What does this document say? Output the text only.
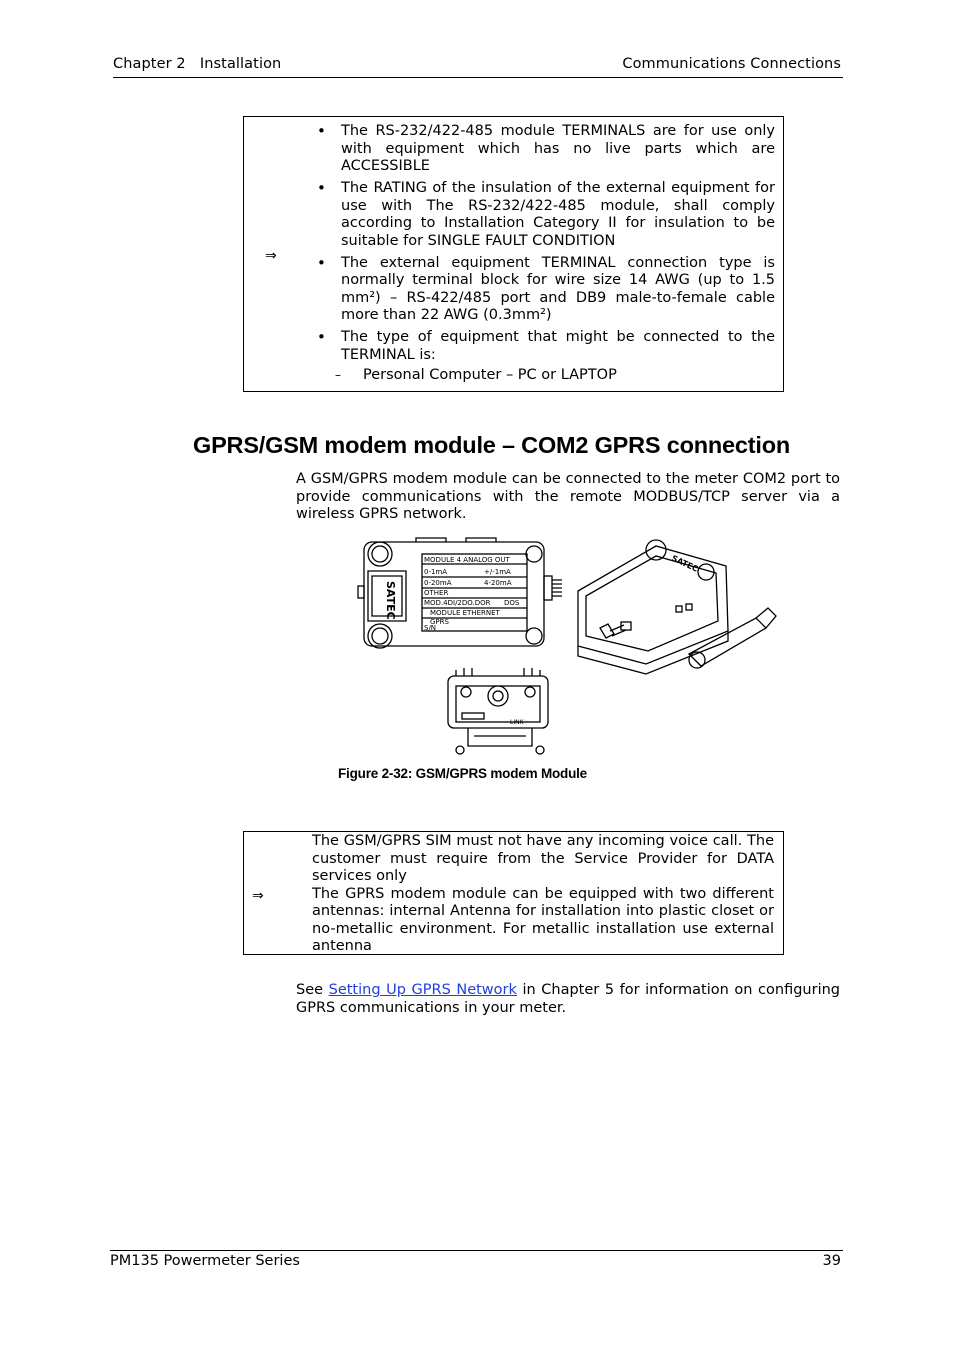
Chapter 2   Installation	Communications Connections
⇒
• The RS-232/422-485 module TERMINALS are for use only with equipment which has no live parts which are ACCESSIBLE
• The RATING of the insulation of the external equipment for use with The RS-232/422-485 module, shall comply according to Installation Category II for insulation to be suitable for SINGLE FAULT CONDITION
• The external equipment TERMINAL connection type is normally terminal block for wire size 14 AWG (up to 1.5 mm²) – RS-422/485 port and DB9 male-to-female cable more than 22 AWG (0.3mm²)
• The type of equipment that might be connected to the TERMINAL is:
– Personal Computer – PC or LAPTOP
GPRS/GSM modem module – COM2 GPRS connection

A GSM/GPRS modem module can be connected to the meter COM2 port to provide communications with the remote MODBUS/TCP server via a wireless GPRS network.

MODULE 4 ANALOG OUT
0-1mA	+/-1mA
0-20mA	4-20mA
OTHER
MOD.4DI/2DO.DOR DOS
MODULE ETHERNET
GPRS
S/N
SATEC
SATEC
LINK
Figure 2-32: GSM/GPRS modem Module
⇒

The GSM/GPRS SIM must not have any incoming voice call. The customer must require from the Service Provider for DATA services only

The GPRS modem module can be equipped with two different antennas: internal Antenna for installation into plastic closet or no-metallic environment. For metallic installation use external antenna

See Setting Up GPRS Network in Chapter 5 for information on configuring GPRS communications in your meter.

PM135 Powermeter Series	39
